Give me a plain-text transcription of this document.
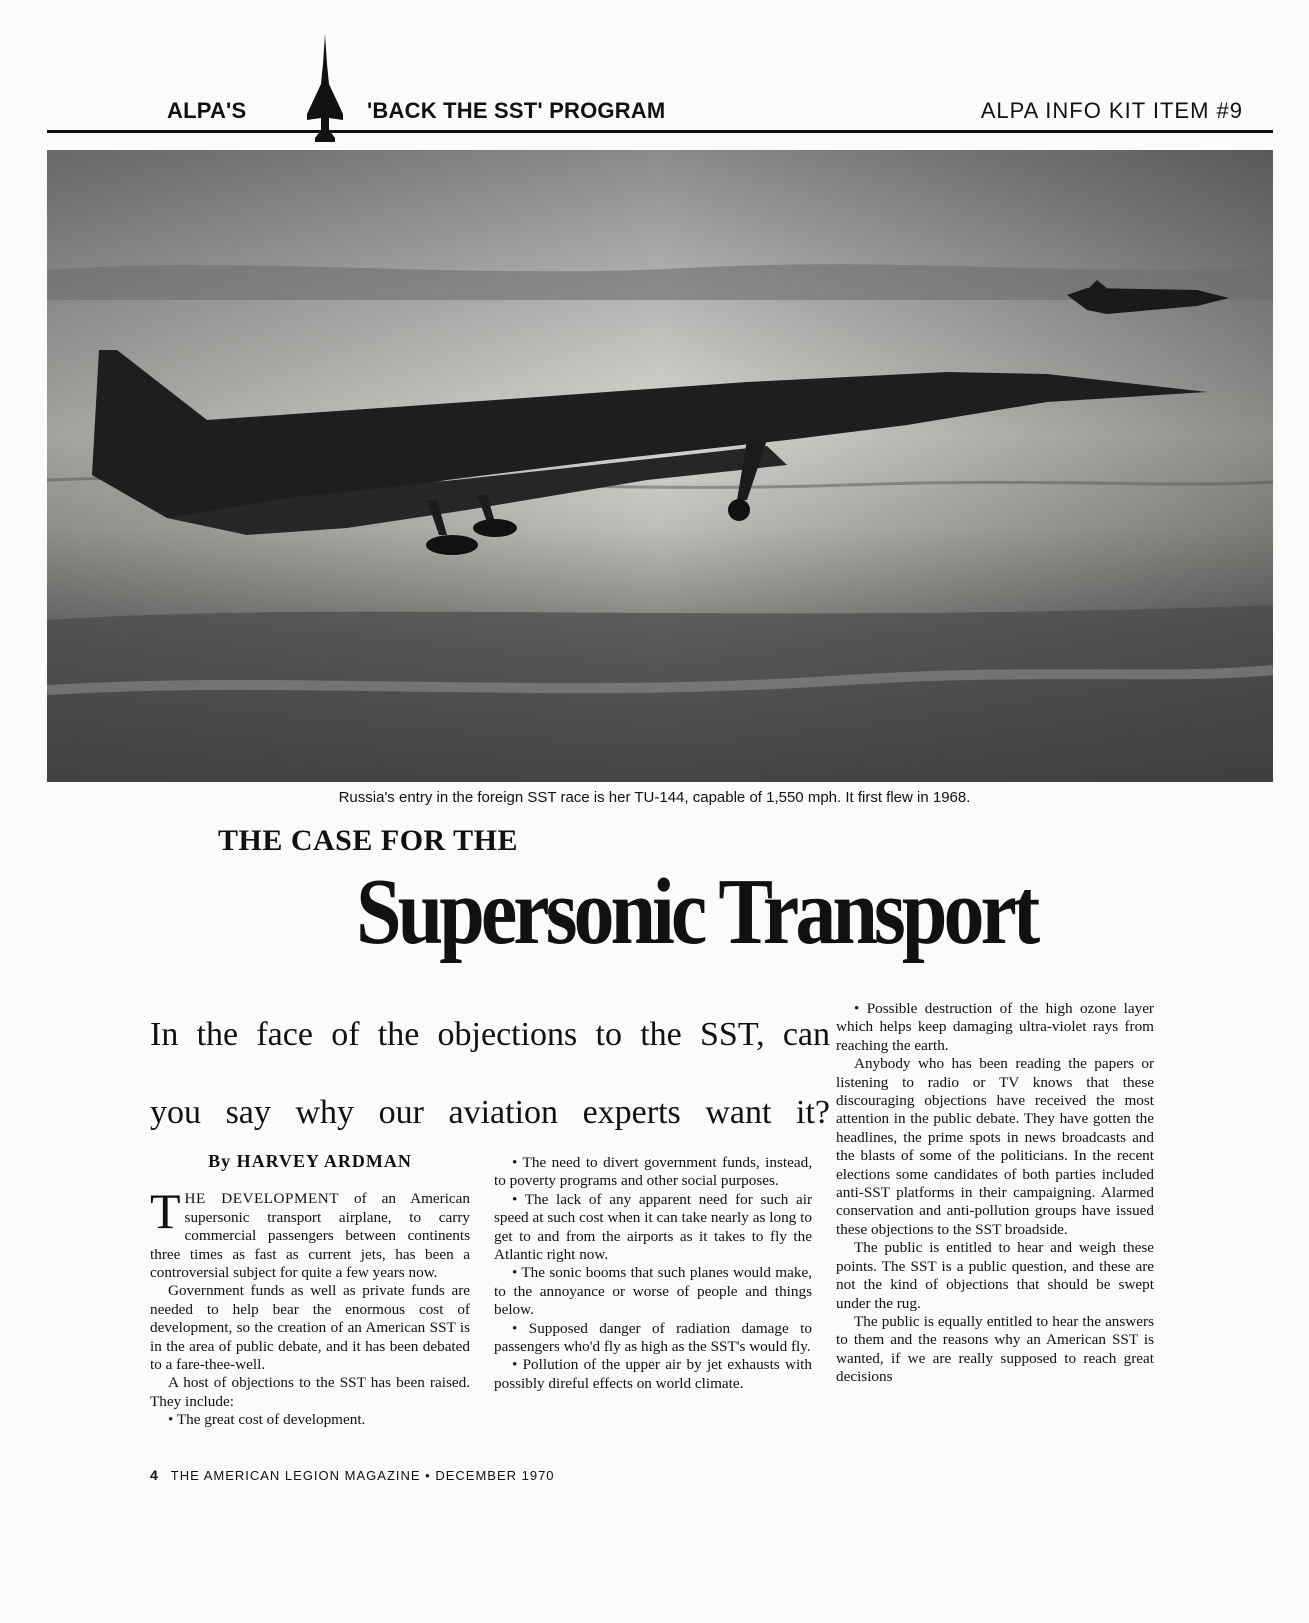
ALPA'S	'BACK THE SST' PROGRAM	ALPA INFO KIT ITEM #9
Russia's entry in the foreign SST race is her TU-144, capable of 1,550 mph. It first flew in 1968.
THE CASE FOR THE
Supersonic Transport
In the face of the objections to the SST, can
you say why our aviation experts want it?
By HARVEY ARDMAN

THE DEVELOPMENT of an American supersonic transport airplane, to carry commercial passengers between continents three times as fast as current jets, has been a controversial subject for quite a few years now.

Government funds as well as private funds are needed to help bear the enormous cost of development, so the creation of an American SST is in the area of public debate, and it has been debated to a fare-thee-well.

A host of objections to the SST has been raised. They include:

• The great cost of development.

• The need to divert government funds, instead, to poverty programs and other social purposes.

• The lack of any apparent need for such air speed at such cost when it can take nearly as long to get to and from the airports as it takes to fly the Atlantic right now.

• The sonic booms that such planes would make, to the annoyance or worse of people and things below.

• Supposed danger of radiation damage to passengers who'd fly as high as the SST's would fly.

• Pollution of the upper air by jet exhausts with possibly direful effects on world climate.

• Possible destruction of the high ozone layer which helps keep damaging ultra-violet rays from reaching the earth.

Anybody who has been reading the papers or listening to radio or TV knows that these discouraging objections have received the most attention in the public debate. They have gotten the headlines, the prime spots in news broadcasts and the blasts of some of the politicians. In the recent elections some candidates of both parties included anti-SST platforms in their campaigning. Alarmed conservation and anti-pollution groups have issued these objections to the SST broadside.

The public is entitled to hear and weigh these points. The SST is a public question, and these are not the kind of objections that should be swept under the rug.

The public is equally entitled to hear the answers to them and the reasons why an American SST is wanted, if we are really supposed to reach great decisions

4 THE AMERICAN LEGION MAGAZINE • DECEMBER 1970
